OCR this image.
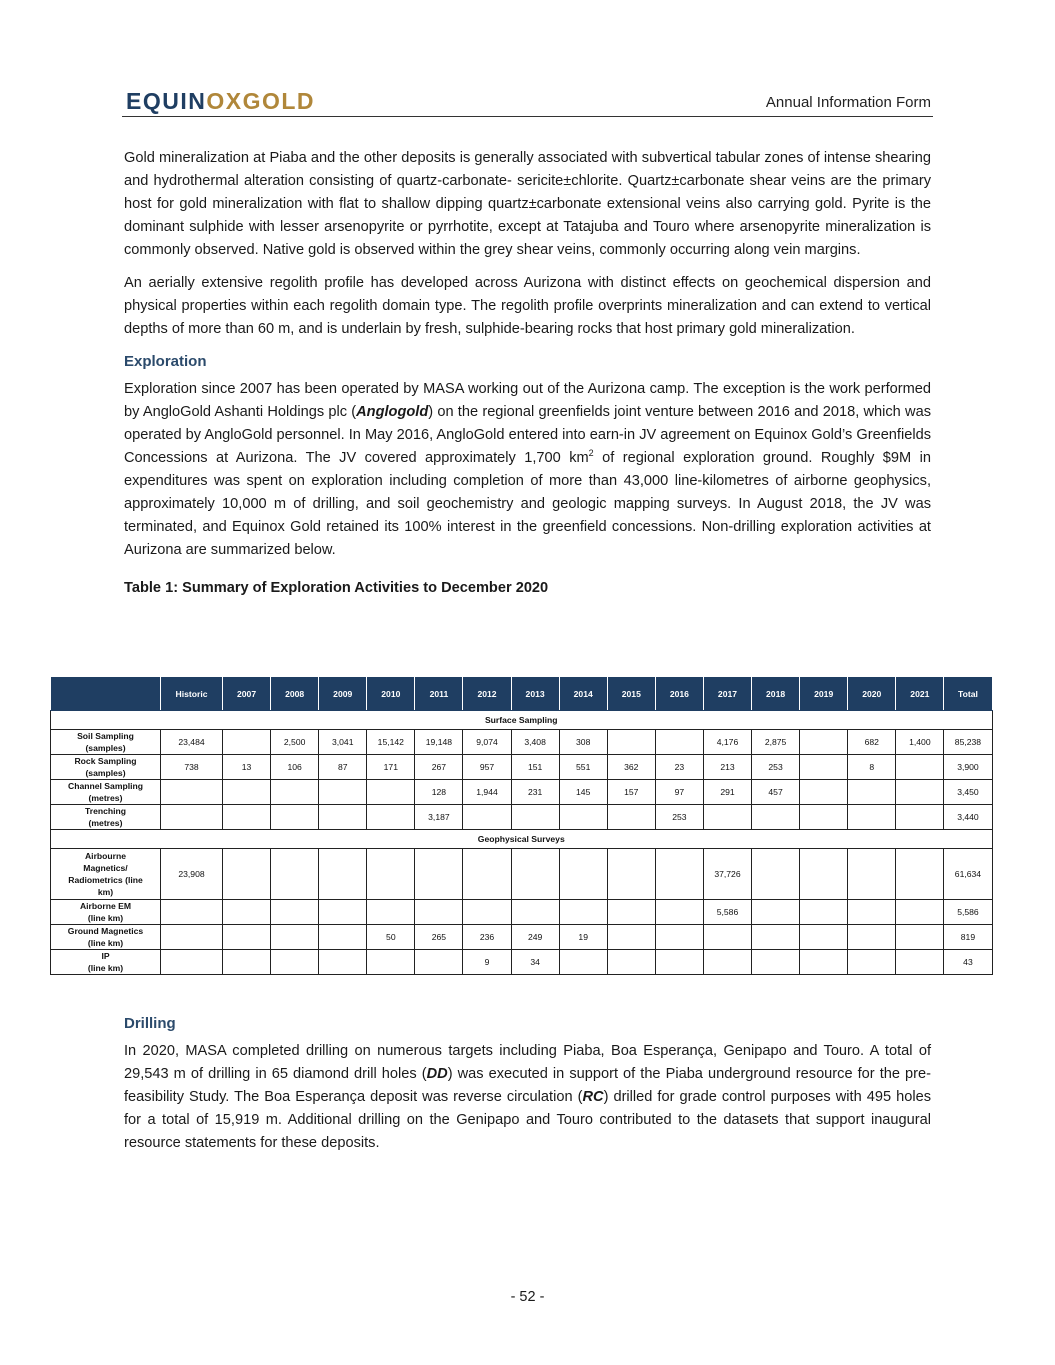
EQUINOXGOLD	Annual Information Form

Gold mineralization at Piaba and the other deposits is generally associated with subvertical tabular zones of intense shearing and hydrothermal alteration consisting of quartz-carbonate- sericite±chlorite. Quartz±carbonate shear veins are the primary host for gold mineralization with flat to shallow dipping quartz±carbonate extensional veins also carrying gold. Pyrite is the dominant sulphide with lesser arsenopyrite or pyrrhotite, except at Tatajuba and Touro where arsenopyrite mineralization is commonly observed. Native gold is observed within the grey shear veins, commonly occurring along vein margins.

An aerially extensive regolith profile has developed across Aurizona with distinct effects on geochemical dispersion and physical properties within each regolith domain type. The regolith profile overprints mineralization and can extend to vertical depths of more than 60 m, and is underlain by fresh, sulphide-bearing rocks that host primary gold mineralization.

Exploration

Exploration since 2007 has been operated by MASA working out of the Aurizona camp. The exception is the work performed by AngloGold Ashanti Holdings plc (Anglogold) on the regional greenfields joint venture between 2016 and 2018, which was operated by AngloGold personnel. In May 2016, AngloGold entered into earn-in JV agreement on Equinox Gold’s Greenfields Concessions at Aurizona. The JV covered approximately 1,700 $km^2$ of regional exploration ground. Roughly $9M in expenditures was spent on exploration including completion of more than 43,000 line-kilometres of airborne geophysics, approximately 10,000 m of drilling, and soil geochemistry and geologic mapping surveys. In August 2018, the JV was terminated, and Equinox Gold retained its 100% interest in the greenfield concessions. Non-drilling exploration activities at Aurizona are summarized below.

Table 1: Summary of Exploration Activities to December 2020
	Historic	2007	2008	2009	2010	2011	2012	2013	2014	2015	2016	2017	2018	2019	2020	2021	Total
Surface Sampling																	

Soil Sampling
(samples)	23,484		2,500	3,041	15,142	19,148	9,074	3,408	308			4,176	2,875		682	1,400	85,238

Rock Sampling
(samples)	738	13	106	87	171	267	957	151	551	362	23	213	253		8		3,900

Channel Sampling
(metres)						128	1,944	231	145	157	97	291	457				3,450

Trenching
(metres)						3,187					253						3,440
Geophysical Surveys																	

Airbourne
Magnetics/
Radiometrics (line
km)	23,908											37,726					61,634

Airborne EM
(line km)												5,586					5,586

Ground Magnetics
(line km)					50	265	236	249	19								819

IP
(line km)							9	34									43
Drilling

In 2020, MASA completed drilling on numerous targets including Piaba, Boa Esperança, Genipapo and Touro. A total of 29,543 m of drilling in 65 diamond drill holes (DD) was executed in support of the Piaba underground resource for the pre-feasibility Study. The Boa Esperança deposit was reverse circulation (RC) drilled for grade control purposes with 495 holes for a total of 15,919 m. Additional drilling on the Genipapo and Touro contributed to the datasets that support inaugural resource statements for these deposits.

- 52 -
